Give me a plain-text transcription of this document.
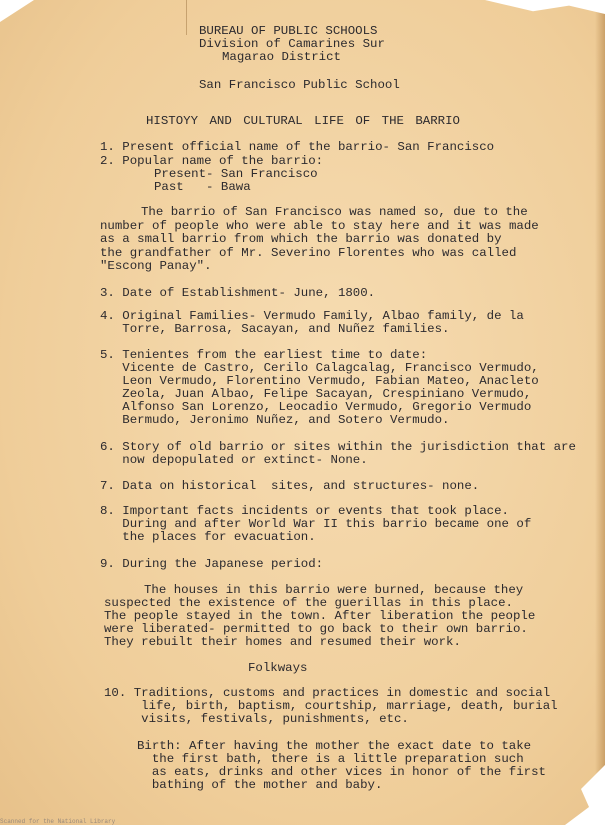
BUREAU OF PUBLIC SCHOOLS
Division of Camarines Sur
Magarao District
San Francisco Public School
HISTOYY AND CULTURAL LIFE OF THE BARRIO
1. Present official name of the barrio- San Francisco
2. Popular name of the barrio:
Present- San Francisco
Past   - Bawa
The barrio of San Francisco was named so, due to the
number of people who were able to stay here and it was made
as a small barrio from which the barrio was donated by
the grandfather of Mr. Severino Florentes who was called
"Escong Panay".
3. Date of Establishment- June, 1800.
4. Original Families- Vermudo Family, Albao family, de la
Torre, Barrosa, Sacayan, and Nuñez families.
5. Tenientes from the earliest time to date:
Vicente de Castro, Cerilo Calagcalag, Francisco Vermudo,
Leon Vermudo, Florentino Vermudo, Fabian Mateo, Anacleto
Zeola, Juan Albao, Felipe Sacayan, Crespiniano Vermudo,
Alfonso San Lorenzo, Leocadio Vermudo, Gregorio Vermudo
Bermudo, Jeronimo Nuñez, and Sotero Vermudo.
6. Story of old barrio or sites within the jurisdiction that are
now depopulated or extinct- None.
7. Data on historical  sites, and structures- none.
8. Important facts incidents or events that took place.
During and after World War II this barrio became one of
the places for evacuation.
9. During the Japanese period:
The houses in this barrio were burned, because they
suspected the existence of the guerillas in this place.
The people stayed in the town. After liberation the people
were liberated- permitted to go back to their own barrio.
They rebuilt their homes and resumed their work.
Folkways
10. Traditions, customs and practices in domestic and social
life, birth, baptism, courtship, marriage, death, burial
visits, festivals, punishments, etc.
Birth: After having the mother the exact date to take
the first bath, there is a little preparation such
as eats, drinks and other vices in honor of the first
bathing of the mother and baby.
Scanned for the National Library
